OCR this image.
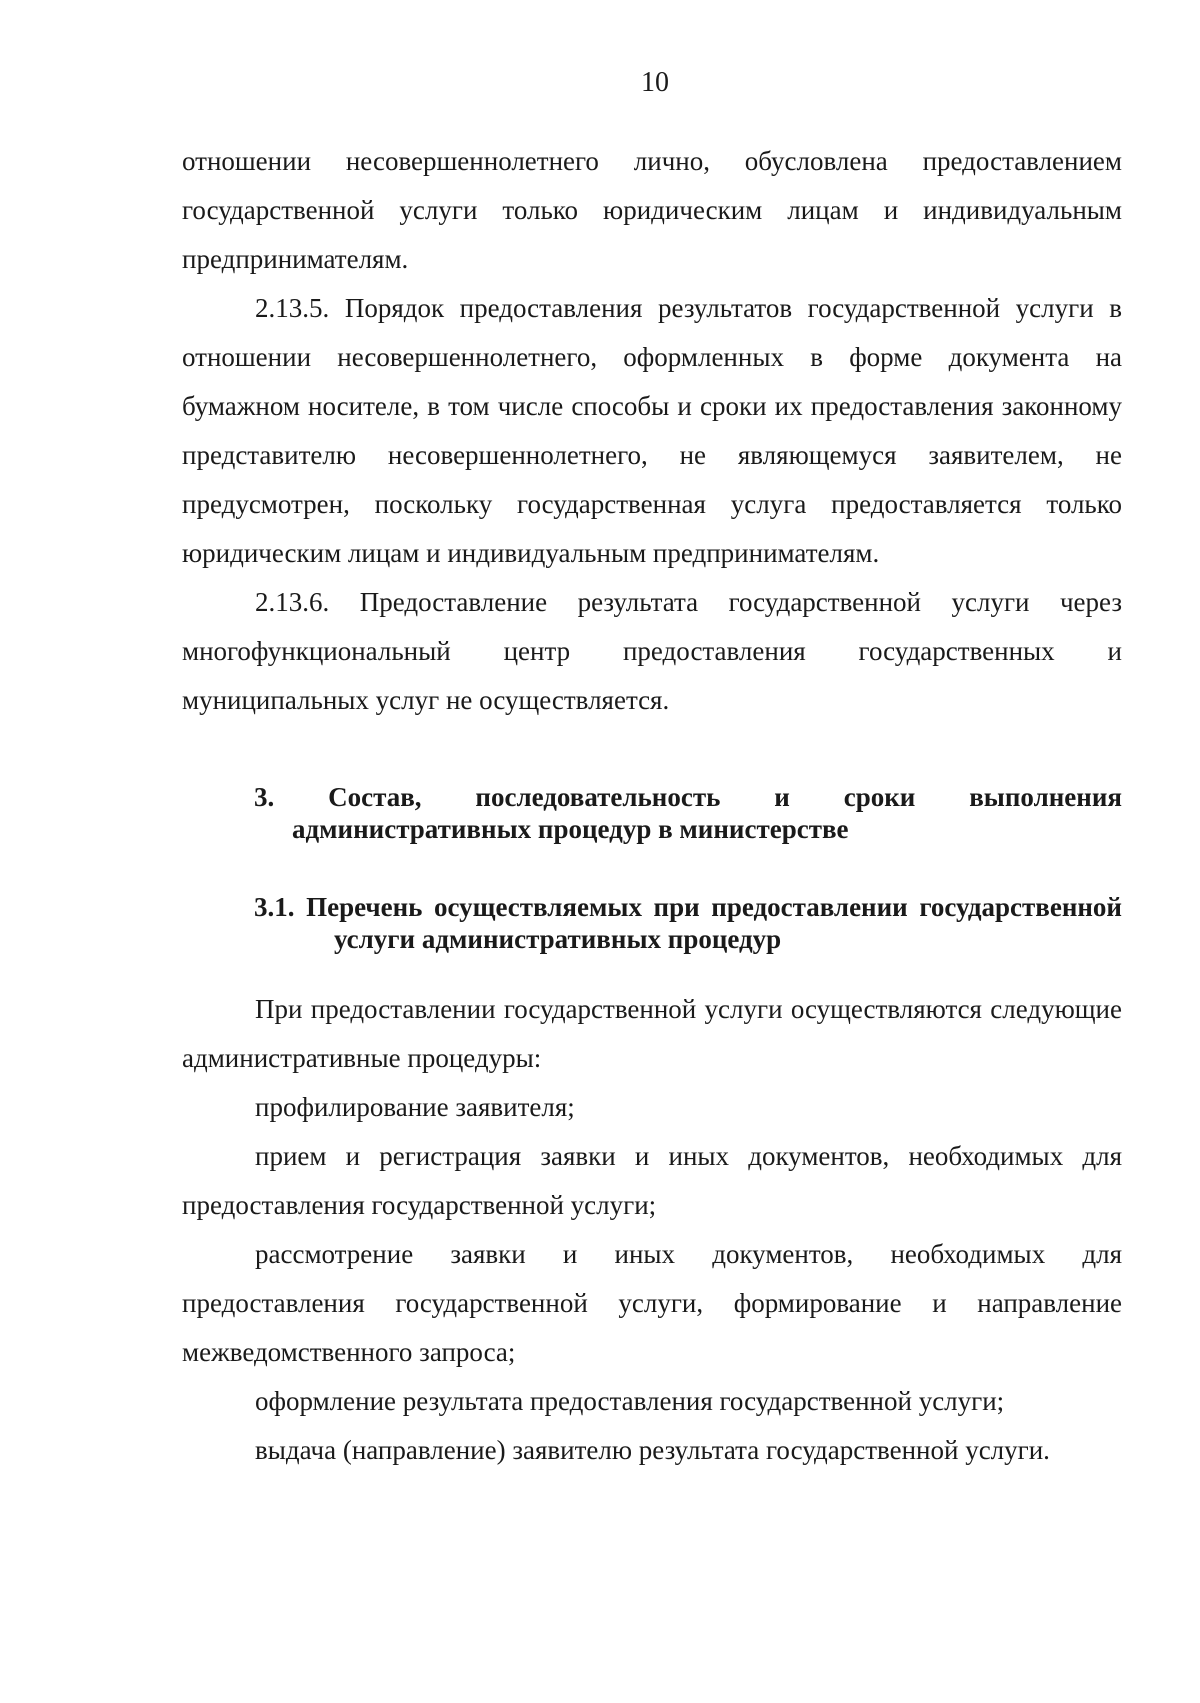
10

отношении несовершеннолетнего лично, обусловлена предоставлением государственной услуги только юридическим лицам и индивидуальным предпринимателям.

2.13.5. Порядок предоставления результатов государственной услуги в отношении несовершеннолетнего, оформленных в форме документа на бумажном носителе, в том числе способы и сроки их предоставления законному представителю несовершеннолетнего, не являющемуся заявителем, не предусмотрен, поскольку государственная услуга предоставляется только юридическим лицам и индивидуальным предпринимателям.

2.13.6. Предоставление результата государственной услуги через многофункциональный центр предоставления государственных и муниципальных услуг не осуществляется.

3. Состав, последовательность и сроки выполнения административных процедур в министерстве

3.1. Перечень осуществляемых при предоставлении государственной услуги административных процедур

При предоставлении государственной услуги осуществляются следующие административные процедуры:

профилирование заявителя;

прием и регистрация заявки и иных документов, необходимых для предоставления государственной услуги;

рассмотрение заявки и иных документов, необходимых для предоставления государственной услуги, формирование и направление межведомственного запроса;

оформление результата предоставления государственной услуги;

выдача (направление) заявителю результата государственной услуги.
